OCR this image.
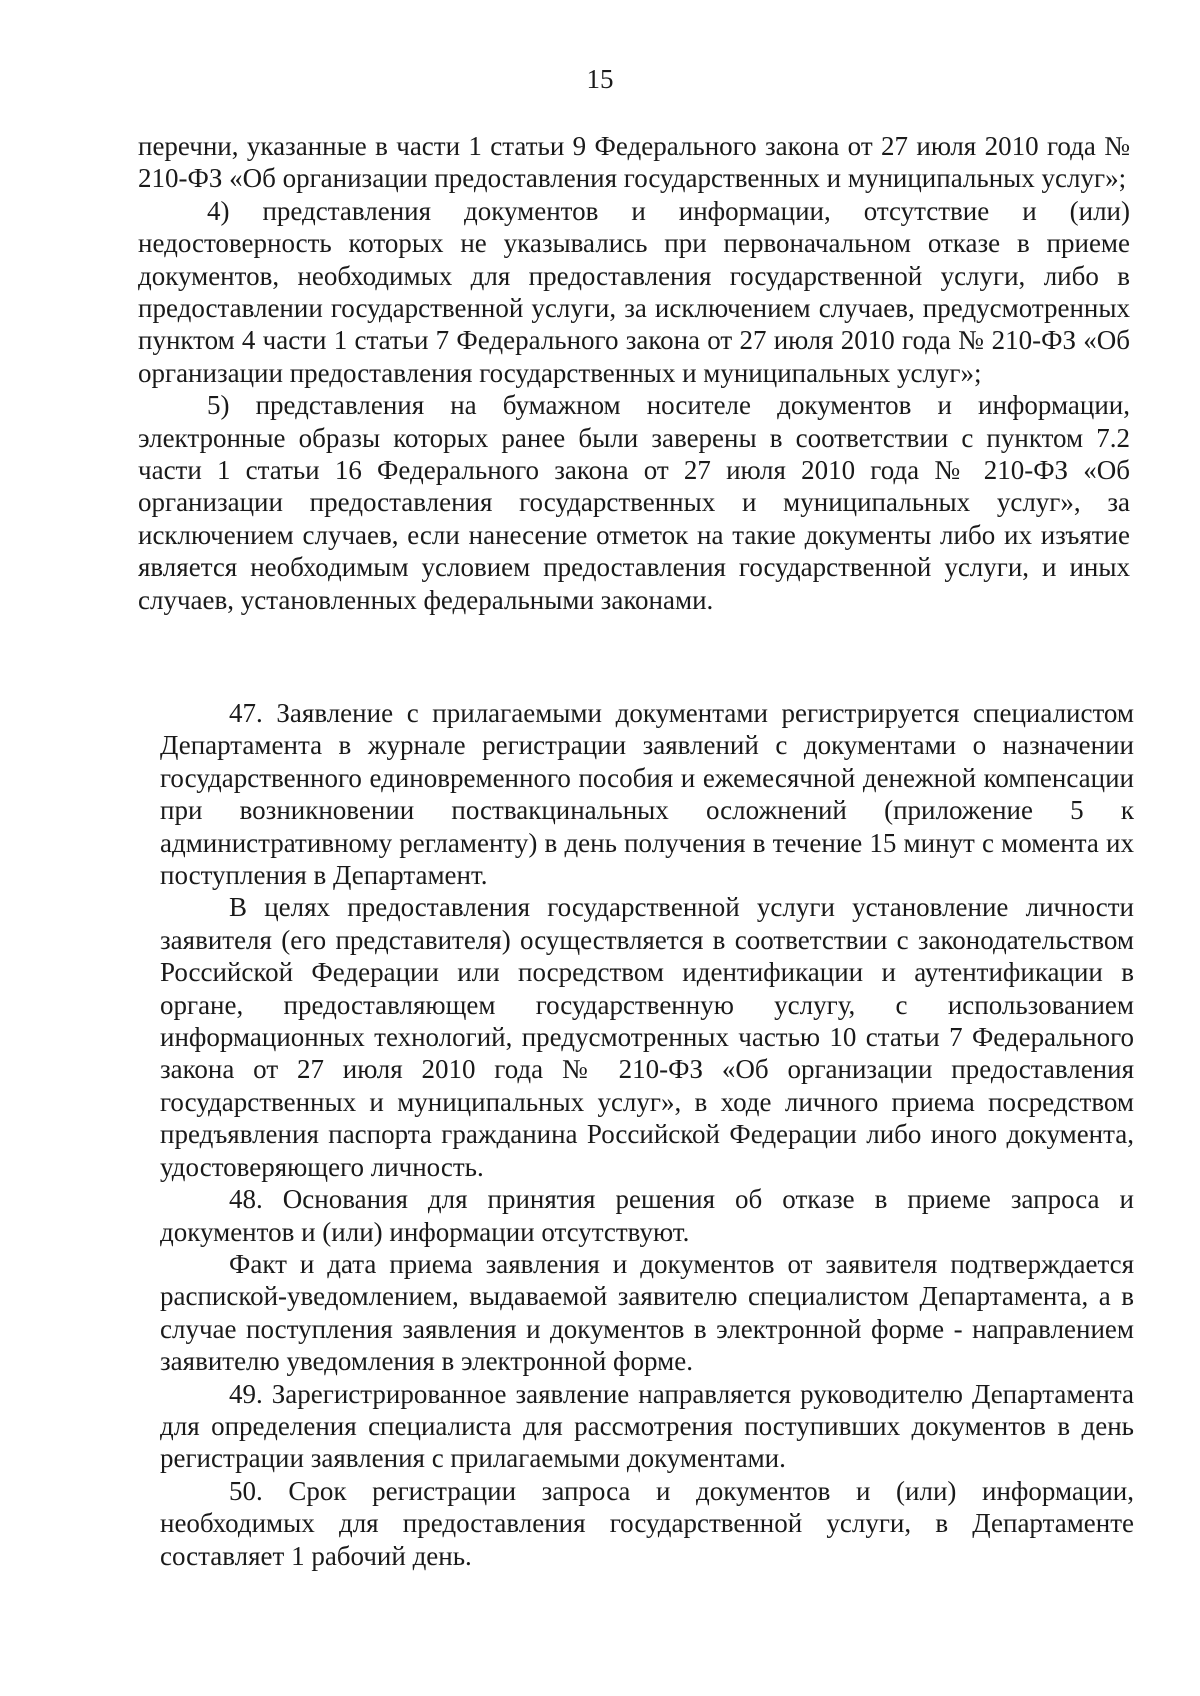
15

перечни, указанные в части 1 статьи 9 Федерального закона от 27 июля 2010 года № 210-ФЗ «Об организации предоставления государственных и муниципальных услуг»;

4) представления документов и информации, отсутствие и (или) недостоверность которых не указывались при первоначальном отказе в приеме документов, необходимых для предоставления государственной услуги, либо в предоставлении государственной услуги, за исключением случаев, предусмотренных пунктом 4 части 1 статьи 7 Федерального закона от 27 июля 2010 года № 210-ФЗ «Об организации предоставления государственных и муниципальных услуг»;

5) представления на бумажном носителе документов и информации, электронные образы которых ранее были заверены в соответствии с пунктом 7.2 части 1 статьи 16 Федерального закона от 27 июля 2010 года № 210-ФЗ «Об организации предоставления государственных и муниципальных услуг», за исключением случаев, если нанесение отметок на такие документы либо их изъятие является необходимым условием предоставления государственной услуги, и иных случаев, установленных федеральными законами.

47. Заявление с прилагаемыми документами регистрируется специалистом Департамента в журнале регистрации заявлений с документами о назначении государственного единовременного пособия и ежемесячной денежной компенсации при возникновении поствакцинальных осложнений (приложение 5 к административному регламенту) в день получения в течение 15 минут с момента их поступления в Департамент.

В целях предоставления государственной услуги установление личности заявителя (его представителя) осуществляется в соответствии с законодательством Российской Федерации или посредством идентификации и аутентификации в органе, предоставляющем государственную услугу, с использованием информационных технологий, предусмотренных частью 10 статьи 7 Федерального закона от 27 июля 2010 года № 210-ФЗ «Об организации предоставления государственных и муниципальных услуг», в ходе личного приема посредством предъявления паспорта гражданина Российской Федерации либо иного документа, удостоверяющего личность.

48. Основания для принятия решения об отказе в приеме запроса и документов и (или) информации отсутствуют.

Факт и дата приема заявления и документов от заявителя подтверждается распиской-уведомлением, выдаваемой заявителю специалистом Департамента, а в случае поступления заявления и документов в электронной форме - направлением заявителю уведомления в электронной форме.

49. Зарегистрированное заявление направляется руководителю Департамента для определения специалиста для рассмотрения поступивших документов в день регистрации заявления с прилагаемыми документами.

50. Срок регистрации запроса и документов и (или) информации, необходимых для предоставления государственной услуги, в Департаменте составляет 1 рабочий день.
